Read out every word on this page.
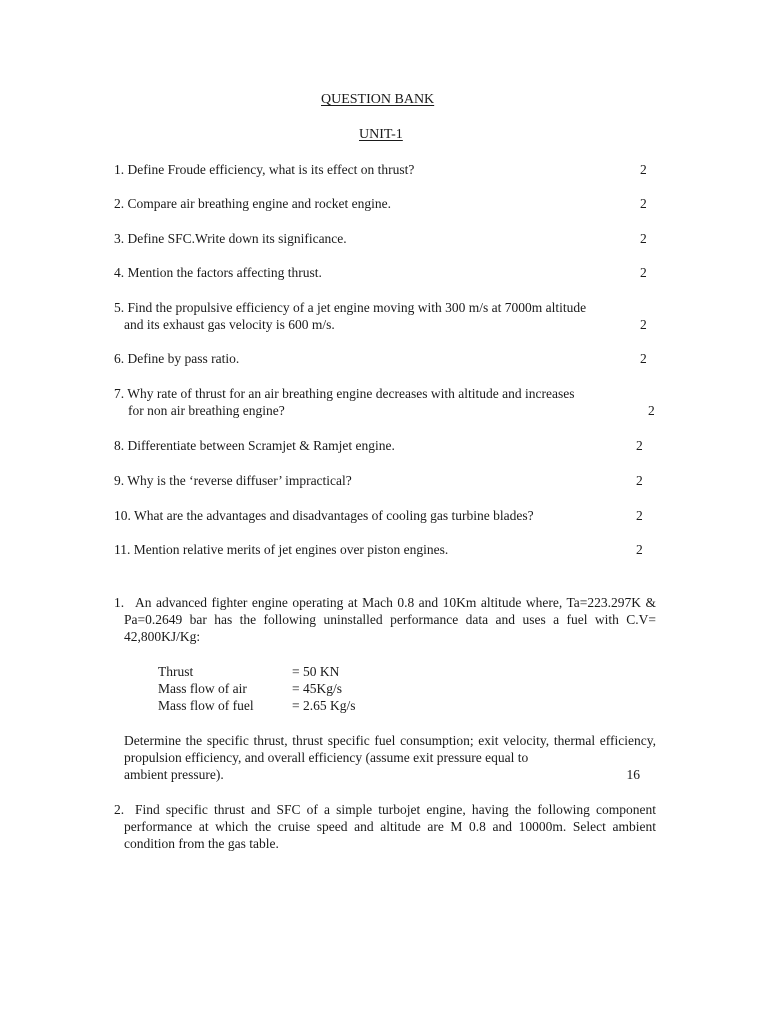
QUESTION BANK
UNIT-1
1. Define Froude efficiency, what is its effect on thrust?	2
2. Compare air breathing engine and rocket engine.	2
3. Define SFC.Write down its significance.	2
4. Mention the factors affecting thrust.	2
5. Find the propulsive efficiency of a jet engine moving with 300 m/s at 7000m altitude
and its exhaust gas velocity is 600 m/s.	2
6. Define by pass ratio.	2
7. Why rate of thrust for an air breathing engine decreases with altitude and increases
for non air breathing engine?	2
8. Differentiate between Scramjet & Ramjet engine.	2
9. Why is the ‘reverse diffuser’ impractical?	2
10. What are the advantages and disadvantages of cooling gas turbine blades?	2
11. Mention relative merits of jet engines over piston engines.	2
1. An advanced fighter engine operating at Mach 0.8 and 10Km altitude where, Ta=223.297K & Pa=0.2649 bar has the following uninstalled performance data and uses a fuel with C.V= 42,800KJ/Kg:
Thrust	= 50 KN
Mass flow of air	= 45Kg/s
Mass flow of fuel	= 2.65 Kg/s
Determine the specific thrust, thrust specific fuel consumption; exit velocity, thermal efficiency, propulsion efficiency, and overall efficiency (assume exit pressure equal to
ambient pressure).	16
2. Find specific thrust and SFC of a simple turbojet engine, having the following component performance at which the cruise speed and altitude are M 0.8 and 10000m. Select ambient condition from the gas table.
